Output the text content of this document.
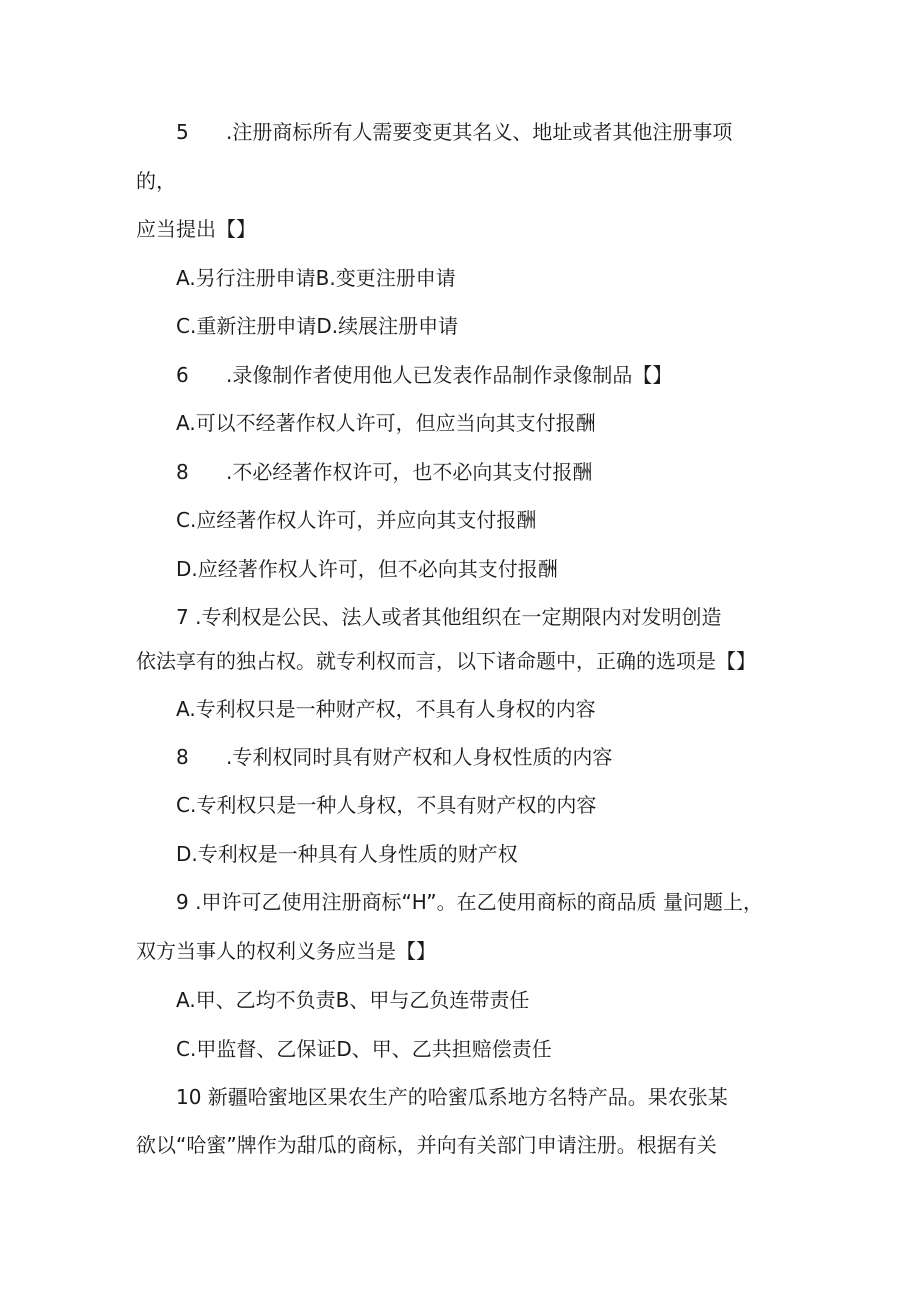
5 .注册商标所有人需要变更其名义、地址或者其他注册事项

的，

应当提出【】

A.另行注册申请B.变更注册申请

C.重新注册申请D.续展注册申请

6 .录像制作者使用他人已发表作品制作录像制品【】

A.可以不经著作权人许可，但应当向其支付报酬

8 .不必经著作权许可，也不必向其支付报酬

C.应经著作权人许可，并应向其支付报酬

D.应经著作权人许可，但不必向其支付报酬

7 .专利权是公民、法人或者其他组织在一定期限内对发明创造

依法享有的独占权。就专利权而言，以下诸命题中，正确的选项是【】

A.专利权只是一种财产权，不具有人身权的内容

8 .专利权同时具有财产权和人身权性质的内容

C.专利权只是一种人身权，不具有财产权的内容

D.专利权是一种具有人身性质的财产权

9 .甲许可乙使用注册商标“H”。在乙使用商标的商品质 量问题上，

双方当事人的权利义务应当是【】

A.甲、乙均不负责B、甲与乙负连带责任

C.甲监督、乙保证D、甲、乙共担赔偿责任

10 新疆哈蜜地区果农生产的哈蜜瓜系地方名特产品。果农张某

欲以“哈蜜”牌作为甜瓜的商标，并向有关部门申请注册。根据有关
